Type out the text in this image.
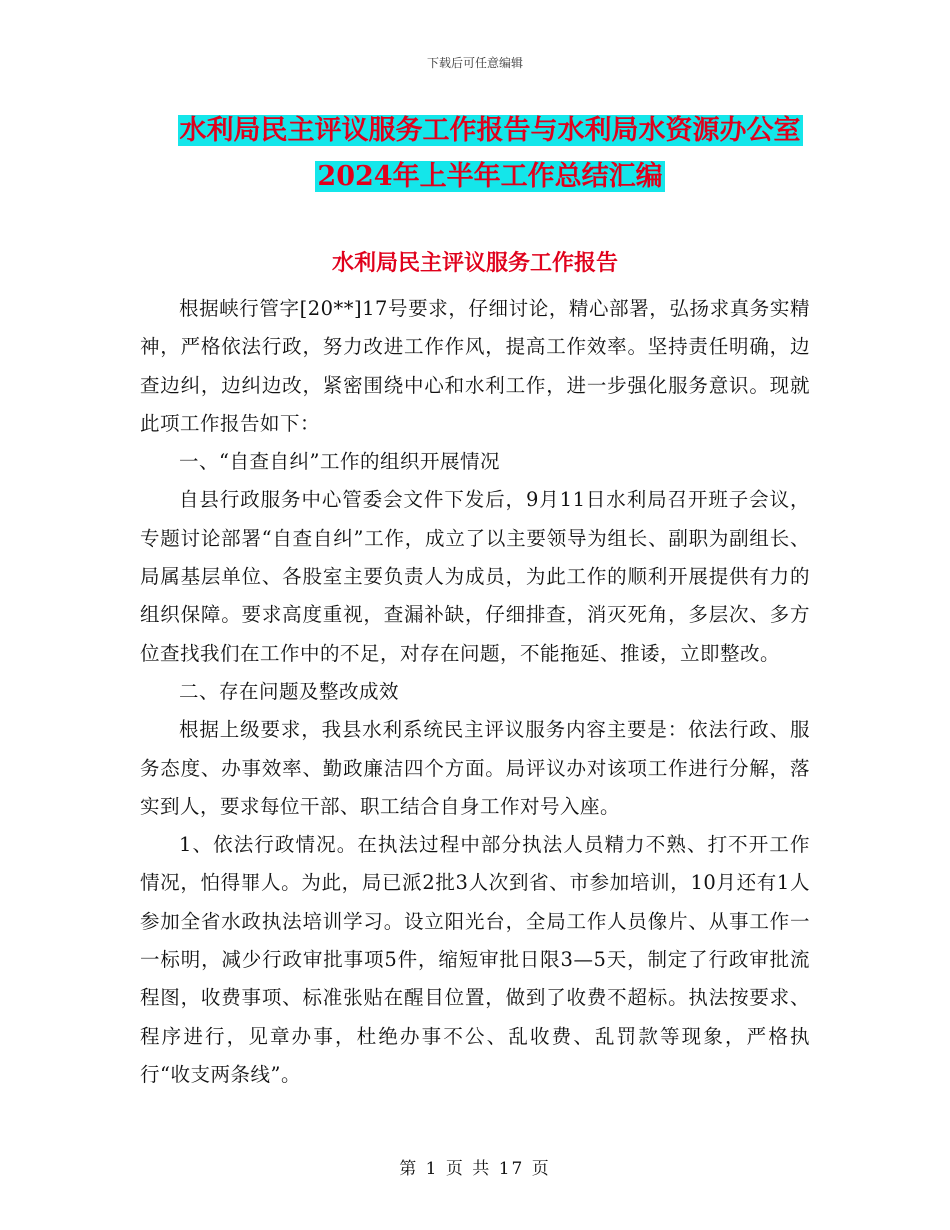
下载后可任意编辑
水利局民主评议服务工作报告与水利局水资源办公室
2024年上半年工作总结汇编
水利局民主评议服务工作报告

根据峡行管字[20**]17号要求，仔细讨论，精心部署，弘扬求真务实精神，严格依法行政，努力改进工作作风，提高工作效率。坚持责任明确，边查边纠，边纠边改，紧密围绕中心和水利工作，进一步强化服务意识。现就此项工作报告如下：

一、“自查自纠”工作的组织开展情况

自县行政服务中心管委会文件下发后，9月11日水利局召开班子会议，专题讨论部署“自查自纠”工作，成立了以主要领导为组长、副职为副组长、局属基层单位、各股室主要负责人为成员，为此工作的顺利开展提供有力的组织保障。要求高度重视，查漏补缺，仔细排查，消灭死角，多层次、多方位查找我们在工作中的不足，对存在问题，不能拖延、推诿，立即整改。

二、存在问题及整改成效

根据上级要求，我县水利系统民主评议服务内容主要是：依法行政、服务态度、办事效率、勤政廉洁四个方面。局评议办对该项工作进行分解，落实到人，要求每位干部、职工结合自身工作对号入座。

1、依法行政情况。在执法过程中部分执法人员精力不熟、打不开工作情况，怕得罪人。为此，局已派2批3人次到省、市参加培训，10月还有1人参加全省水政执法培训学习。设立阳光台，全局工作人员像片、从事工作一一标明，减少行政审批事项5件，缩短审批日限3—5天，制定了行政审批流程图，收费事项、标准张贴在醒目位置，做到了收费不超标。执法按要求、程序进行，见章办事，杜绝办事不公、乱收费、乱罚款等现象，严格执行“收支两条线”。

第 1 页 共 17 页
